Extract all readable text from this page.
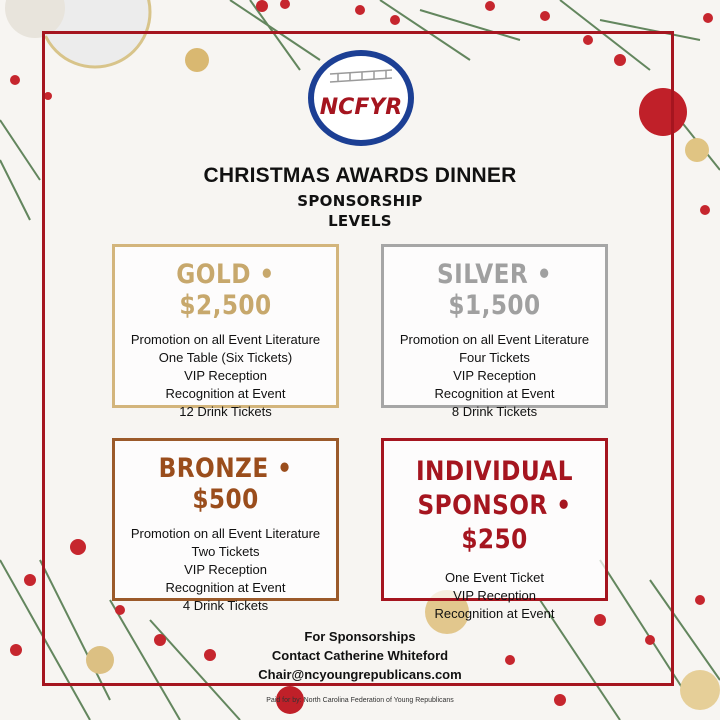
NCFYR
CHRISTMAS AWARDS DINNER
SPONSORSHIP
LEVELS
GOLD • $2,500
Promotion on all Event Literature
One Table (Six Tickets)
VIP Reception
Recognition at Event
12 Drink Tickets
SILVER • $1,500
Promotion on all Event Literature
Four Tickets
VIP Reception
Recognition at Event
8 Drink Tickets
BRONZE • $500
Promotion on all Event Literature
Two Tickets
VIP Reception
Recognition at Event
4 Drink Tickets
INDIVIDUAL
SPONSOR • $250
One Event Ticket
VIP Reception
Recognition at Event
For Sponsorships
Contact Catherine Whiteford
Chair@ncyoungrepublicans.com
Paid for by: North Carolina Federation of Young Republicans
